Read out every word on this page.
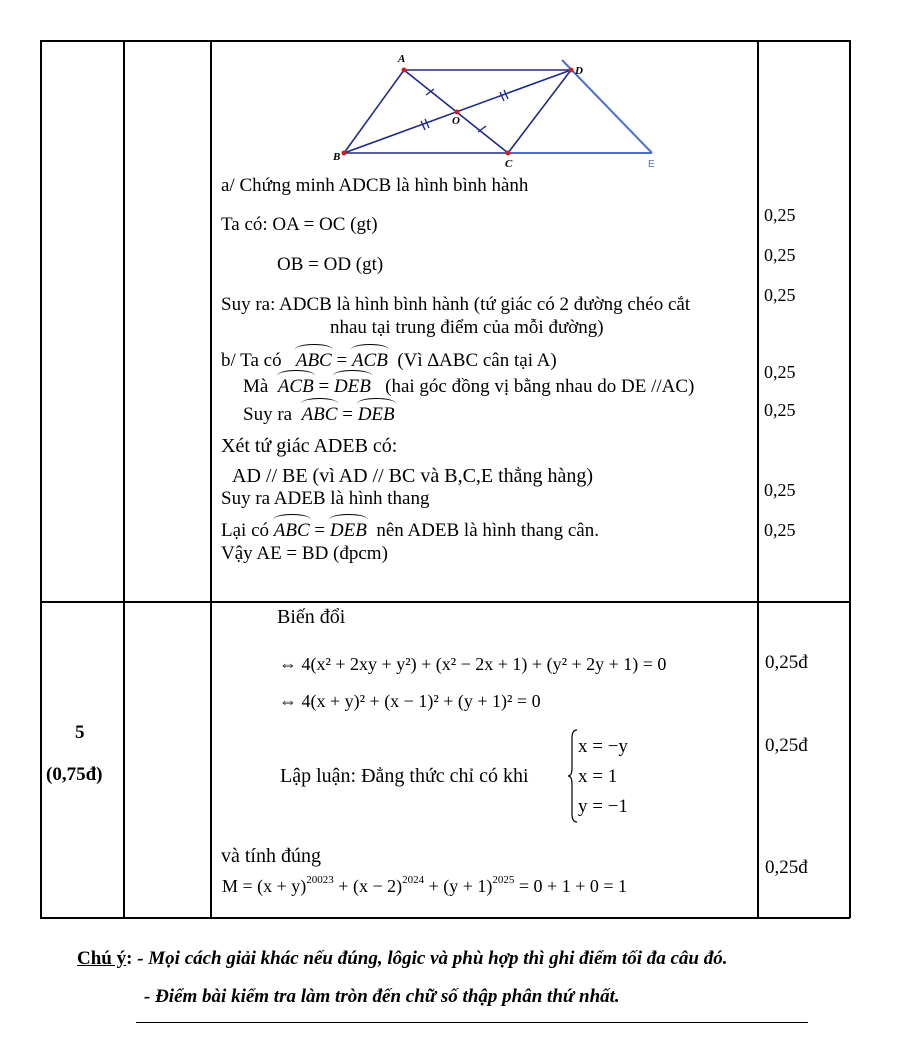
A
D
B
C
O
E
a/ Chứng minh ADCB là hình bình hành
Ta có: OA = OC (gt)
OB = OD (gt)
Suy ra: ADCB là hình bình hành (tứ giác có 2 đường chéo cắt
nhau tại trung điểm của mỗi đường)
b/ Ta có ABC = ACB (Vì ∆ABC cân tại A)
Mà ACB = DEB (hai góc đồng vị bằng nhau do DE //AC)
Suy ra ABC = DEB
Xét tứ giác ADEB có:
AD // BE (vì AD // BC và B,C,E thẳng hàng)
Suy ra ADEB là hình thang
Lại có ABC = DEB nên ADEB là hình thang cân.
Vậy AE = BD (đpcm)
0,25
0,25
0,25
0,25
0,25
0,25
0,25
5
(0,75đ)
Biến đổi
⇔ 4(x² + 2xy + y²) + (x² − 2x + 1) + (y² + 2y + 1) = 0
⇔ 4(x + y)² + (x − 1)² + (y + 1)² = 0
Lập luận: Đẳng thức chỉ có khi
x = −y
x = 1
y = −1
và tính đúng
$M = (x + y)^{20023} + (x - 2)^{2024} + (y + 1)^{2025} = 0 + 1 + 0 = 1$
0,25đ
0,25đ
0,25đ
Chú ý: - Mọi cách giải khác nếu đúng, lôgic và phù hợp thì ghi điểm tối đa câu đó.
- Điểm bài kiểm tra làm tròn đến chữ số thập phân thứ nhất.
